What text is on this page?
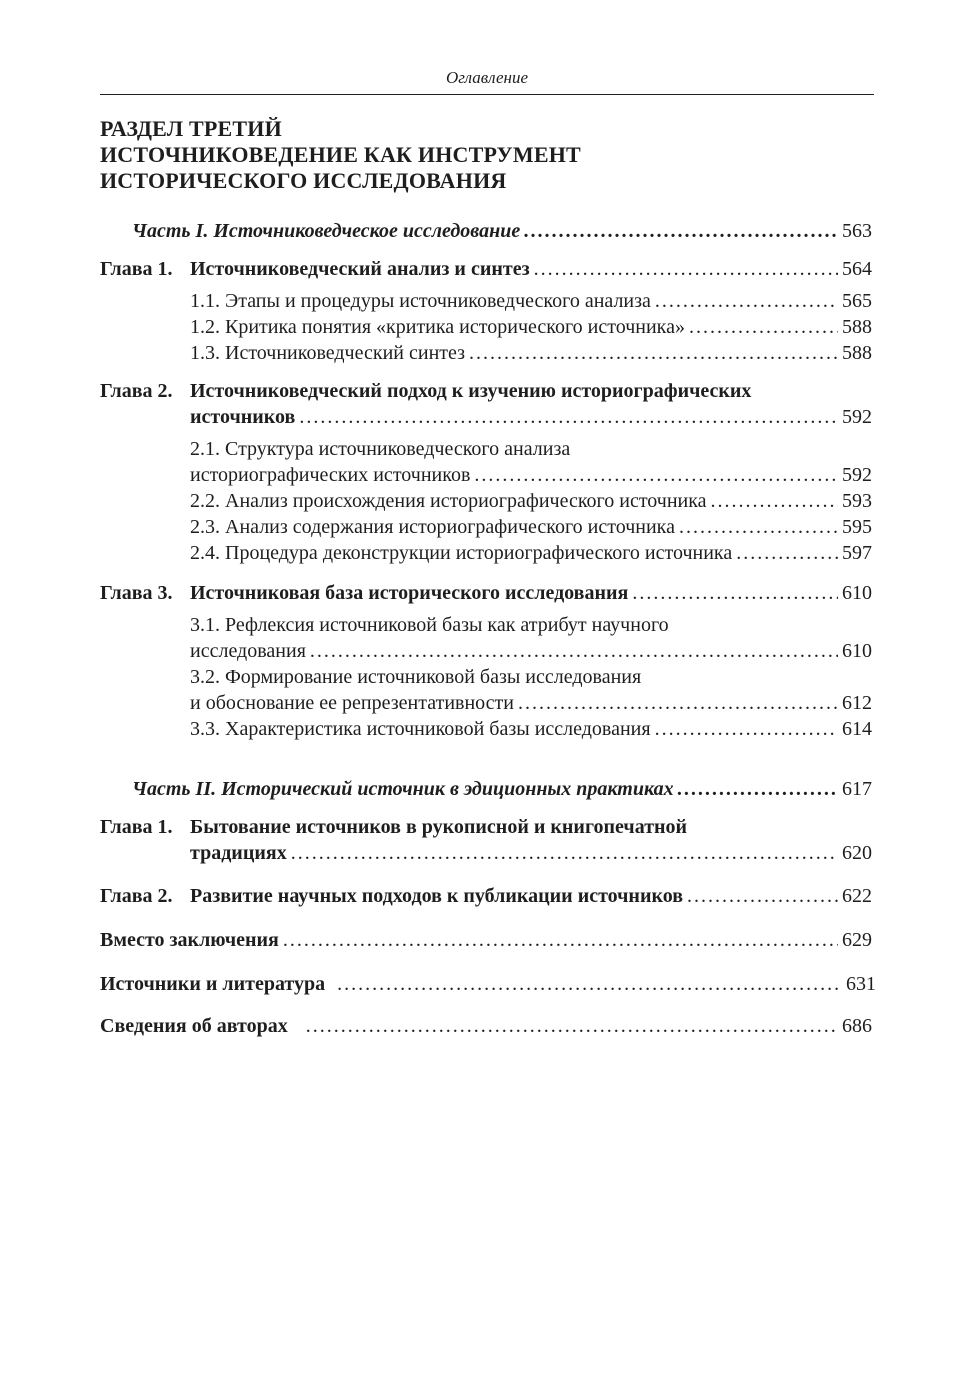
Оглавление
РАЗДЕЛ ТРЕТИЙ
ИСТОЧНИКОВЕДЕНИЕ КАК ИНСТРУМЕНТ
ИСТОРИЧЕСКОГО ИССЛЕДОВАНИЯ
Часть I. Источниковедческое исследование . . .	563
Глава 1. Источниковедческий анализ и синтез . . .	564
1.1. Этапы и процедуры источниковедческого анализа . . .	565
1.2. Критика понятия «критика исторического источника» . . .	588
1.3. Источниковедческий синтез . . .	588
Глава 2. Источниковедческий подход к изучению историографических
источников . . .	592
2.1. Структура источниковедческого анализа
историографических источников . . .	592
2.2. Анализ происхождения историографического источника . . .	593
2.3. Анализ содержания историографического источника . . .	595
2.4. Процедура деконструкции историографического источника . . .	597
Глава 3. Источниковая база исторического исследования . . .	610
3.1. Рефлексия источниковой базы как атрибут научного
исследования . . .	610
3.2. Формирование источниковой базы исследования
и обоснование ее репрезентативности . . .	612
3.3. Характеристика источниковой базы исследования . . .	614
Часть II. Исторический источник в эдиционных практиках . . .	617
Глава 1. Бытование источников в рукописной и книгопечатной
традициях . . .	620
Глава 2. Развитие научных подходов к публикации источников . . .	622
Вместо заключения . . .	629
Источники и литература . . .	631
Сведения об авторах . . .	686
